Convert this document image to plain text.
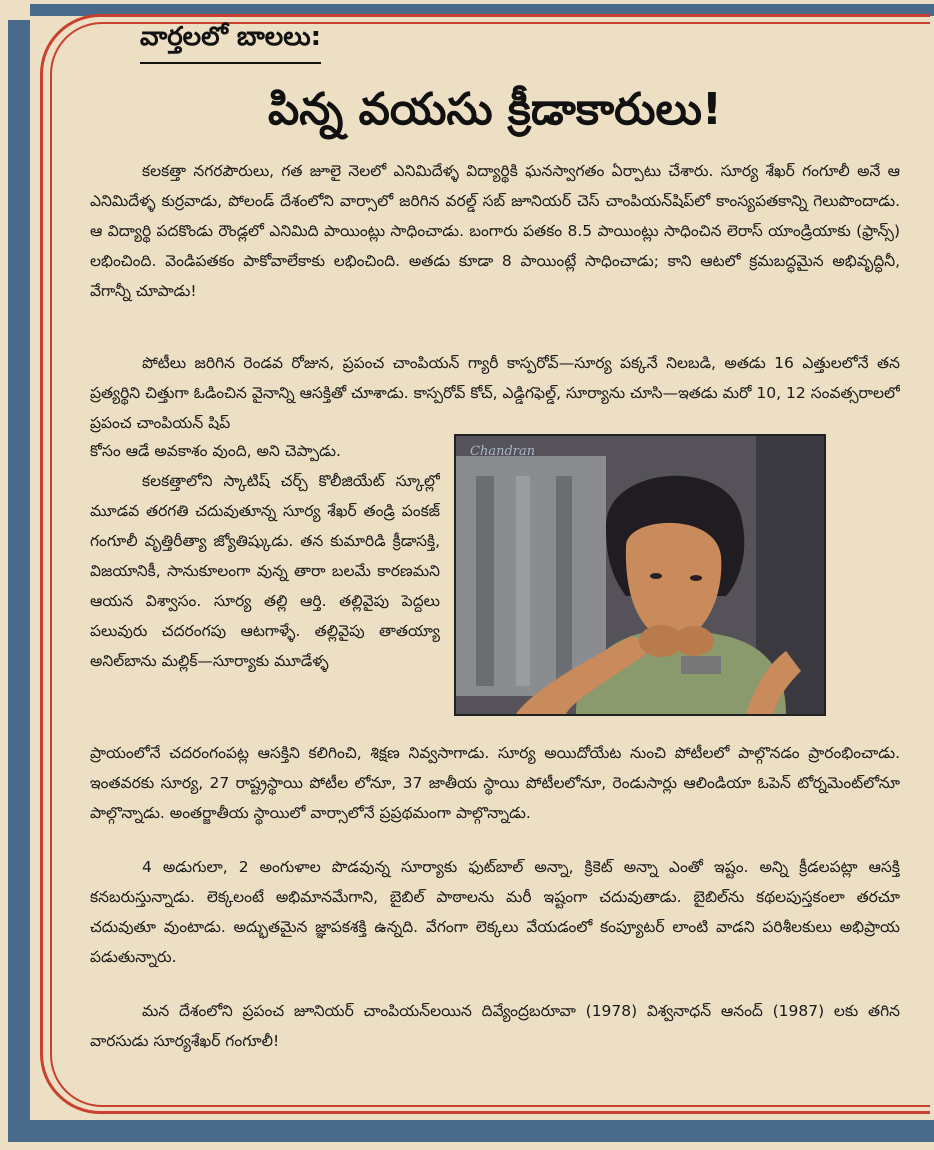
వార్తలలో బాలలు:
పిన్న వయసు క్రీడాకారులు!
కలకత్తా నగరపౌరులు, గత జూలై నెలలో ఎనిమిదేళ్ళ విద్యార్థికి ఘనస్వాగతం ఏర్పాటు చేశారు. సూర్య శేఖర్ గంగూలీ అనే ఆ ఎనిమిదేళ్ళ కుర్రవాడు, పోలండ్ దేశంలోని వార్సాలో జరిగిన వరల్డ్ సబ్ జూనియర్ చెస్ చాంపియన్‌షిప్‌లో కాంస్యపతకాన్ని గెలుపొందాడు. ఆ విద్యార్థి పదకొండు రౌండ్లలో ఎనిమిది పాయింట్లు సాధించాడు. బంగారు పతకం 8.5 పాయింట్లు సాధించిన లెరాస్ యాండ్రియాకు (ఫ్రాన్స్) లభించింది. వెండిపతకం పాకోవాలేకాకు లభించింది. అతడు కూడా 8 పాయింట్లే సాధించాడు; కాని ఆటలో క్రమబద్ధమైన అభివృద్ధినీ, వేగాన్నీ చూపాడు!
పోటీలు జరిగిన రెండవ రోజున, ప్రపంచ చాంపియన్ గ్యారీ కాస్పరోవ్—సూర్య పక్కనే నిలబడి, అతడు 16 ఎత్తులలోనే తన ప్రత్యర్థిని చిత్తుగా ఓడించిన వైనాన్ని ఆసక్తితో చూశాడు. కాస్పరోవ్ కోచ్, ఎడ్డిగఫెల్డ్, సూర్యాను చూసి—ఇతడు మరో 10, 12 సంవత్సరాలలో ప్రపంచ చాంపియన్ షిప్
కోసం ఆడే అవకాశం వుంది, అని చెప్పాడు.
కలకత్తాలోని స్కాటిష్ చర్చ్ కొలీజియేట్ స్కూల్లో మూడవ తరగతి చదువుతూన్న సూర్య శేఖర్ తండ్రి పంకజ్ గంగూలీ వృత్తిరీత్యా జ్యోతిష్కుడు. తన కుమారిడి క్రీడాసక్తి, విజయానికీ, సానుకూలంగా వున్న తారా బలమే కారణమని ఆయన విశ్వాసం. సూర్య తల్లి ఆర్తి. తల్లివైపు పెద్దలు పలువురు చదరంగపు ఆటగాళ్ళే. తల్లివైపు తాతయ్యా అనిల్‌బాను మల్లిక్—సూర్యాకు మూడేళ్ళ
Chandran
ప్రాయంలోనే చదరంగంపట్ల ఆసక్తిని కలిగించి, శిక్షణ నివ్వసాగాడు. సూర్య అయిదోయేట నుంచి పోటీలలో పాల్గొనడం ప్రారంభించాడు. ఇంతవరకు సూర్య, 27 రాష్ట్రస్థాయి పోటీల లోనూ, 37 జాతీయ స్థాయి పోటీలలోనూ, రెండుసార్లు ఆలిండియా ఓపెన్ టోర్నమెంట్‌లోనూ పాల్గొన్నాడు. అంతర్జాతీయ స్థాయిలో వార్సాలోనే ప్రప్రథమంగా పాల్గొన్నాడు.
4 అడుగులా, 2 అంగుళాల పొడవున్న సూర్యాకు ఫుట్‌బాల్ అన్నా, క్రికెట్ అన్నా ఎంతో ఇష్టం. అన్ని క్రీడలపట్లా ఆసక్తి కనబరుస్తున్నాడు. లెక్కలంటే అభిమానమేగాని, బైబిల్ పాఠాలను మరీ ఇష్టంగా చదువుతాడు. బైబిల్‌ను కథలపుస్తకంలా తరచూ చదువుతూ వుంటాడు. అద్భుతమైన జ్ఞాపకశక్తి ఉన్నది. వేగంగా లెక్కలు వేయడంలో కంప్యూటర్ లాంటి వాడని పరిశీలకులు అభిప్రాయ పడుతున్నారు.
మన దేశంలోని ప్రపంచ జూనియర్ చాంపియన్‌లయిన దివ్యేంద్రబరూవా (1978) విశ్వనాధన్ ఆనంద్ (1987) లకు తగిన వారసుడు సూర్యశేఖర్ గంగూలీ!
